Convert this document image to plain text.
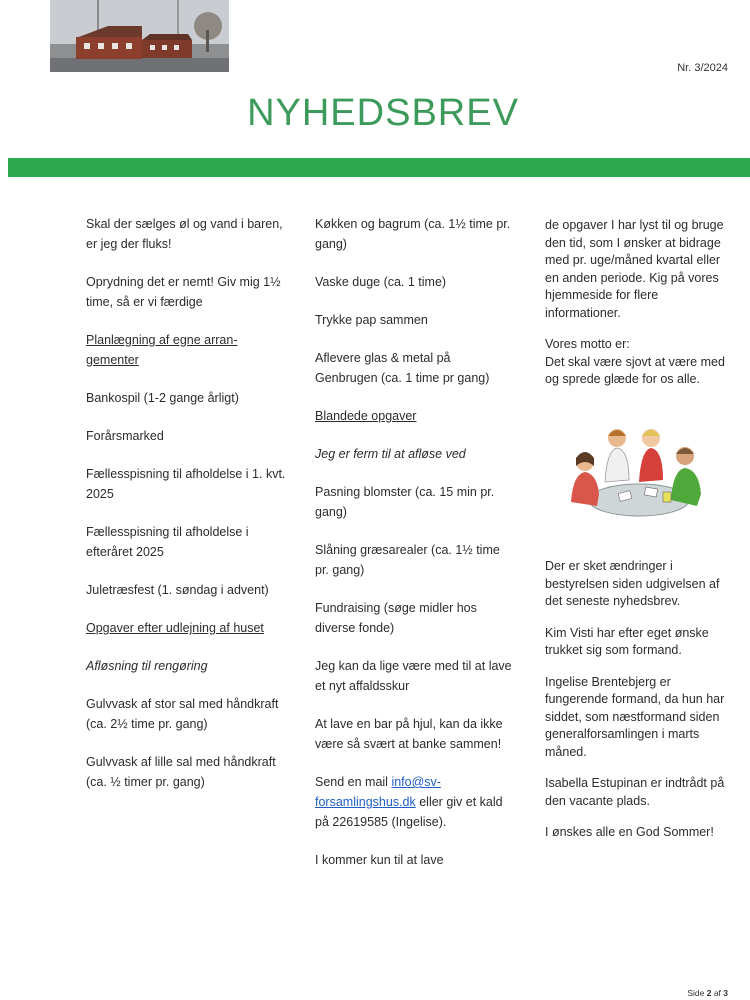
Nr. 3/2024
NYHEDSBREV

Skal der sælges øl og vand i baren, er jeg der fluks!

Oprydning det er nemt! Giv mig 1½ time, så er vi færdige

Planlægning af egne arran-gementer

Bankospil (1-2 gange årligt)

Forårsmarked

Fællesspisning til afholdelse i 1. kvt. 2025

Fællesspisning til afholdelse i efteråret 2025

Juletræsfest (1. søndag i advent)

Opgaver efter udlejning af huset

Afløsning til rengøring

Gulvvask af stor sal med håndkraft (ca. 2½ time pr. gang)

Gulvvask af lille sal med håndkraft (ca. ½ timer pr. gang)

Køkken og bagrum (ca. 1½ time pr. gang)

Vaske duge (ca. 1 time)

Trykke pap sammen

Aflevere glas & metal på Genbrugen (ca. 1 time pr gang)

Blandede opgaver

Jeg er ferm til at afløse ved

Pasning blomster (ca. 15 min pr. gang)

Slåning græsarealer (ca. 1½ time pr. gang)

Fundraising (søge midler hos diverse fonde)

Jeg kan da lige være med til at lave et nyt affaldsskur

At lave en bar på hjul, kan da ikke være så svært at banke sammen!

Send en mail info@sv-forsamlingshus.dk eller giv et kald på 22619585 (Ingelise).

I kommer kun til at lave

de opgaver I har lyst til og bruge den tid, som I ønsker at bidrage med pr. uge/måned kvartal eller en anden periode. Kig på vores hjemmeside for flere informationer.

Vores motto er:

Det skal være sjovt at være med og sprede glæde for os alle.

Der er sket ændringer i bestyrelsen siden udgivelsen af det seneste nyhedsbrev.

Kim Visti har efter eget ønske trukket sig som formand.

Ingelise Brentebjerg er fungerende formand, da hun har siddet, som næstformand siden generalforsamlingen i marts måned.

Isabella Estupinan er indtrådt på den vacante plads.

I ønskes alle en God Sommer!

Side 2 af 3
